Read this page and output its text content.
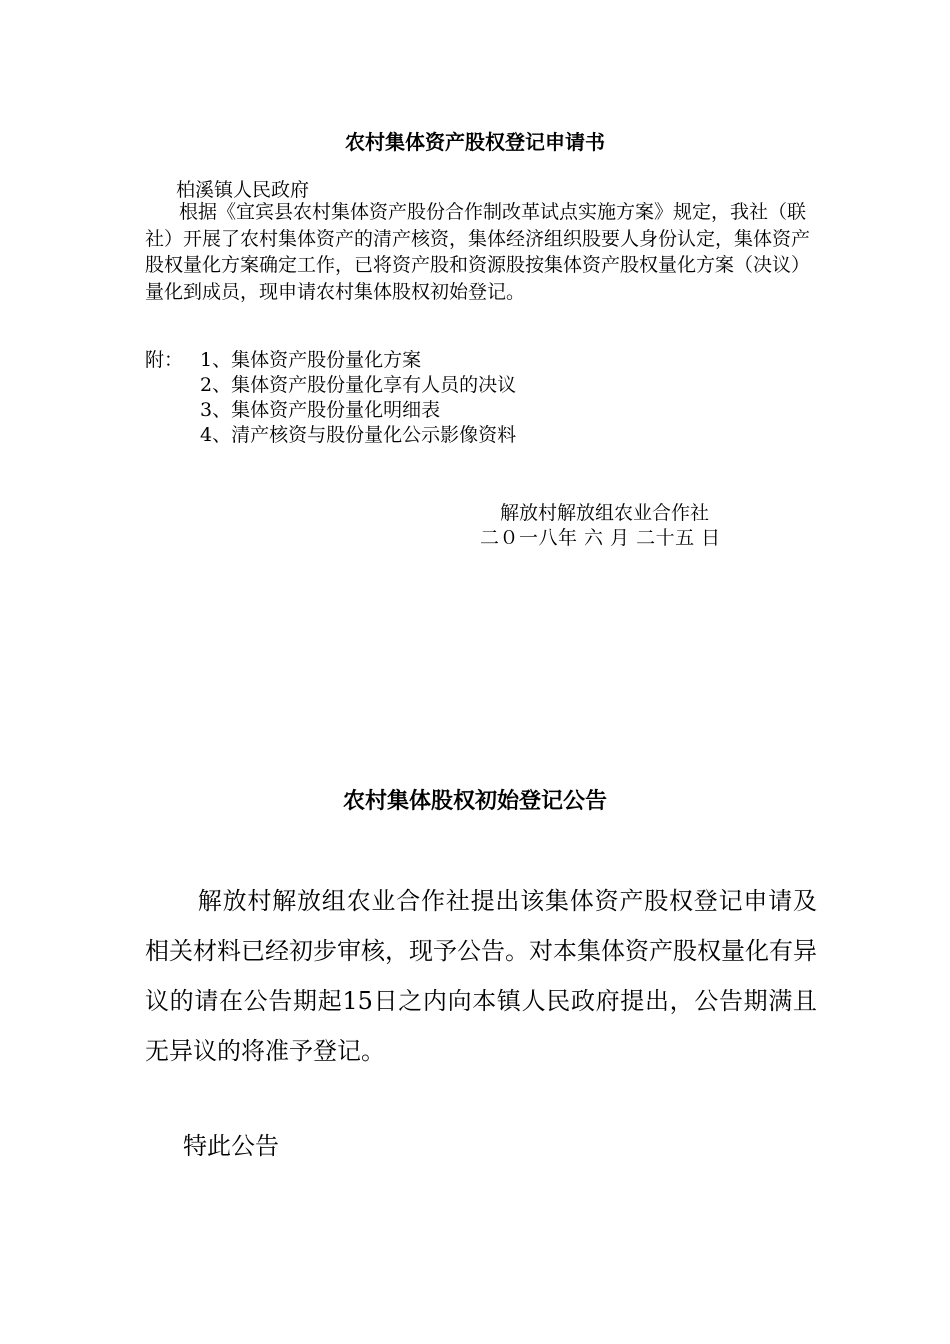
农村集体资产股权登记申请书
柏溪镇人民政府
根据《宜宾县农村集体资产股份合作制改革试点实施方案》规定，我社（联社）开展了农村集体资产的清产核资，集体经济组织股要人身份认定，集体资产股权量化方案确定工作，已将资产股和资源股按集体资产股权量化方案（决议）量化到成员，现申请农村集体股权初始登记。
附： 1、集体资产股份量化方案
2、集体资产股份量化享有人员的决议
3、集体资产股份量化明细表
4、清产核资与股份量化公示影像资料
解放村解放组农业合作社
二０一八年 六 月 二十五 日
农村集体股权初始登记公告
解放村解放组农业合作社提出该集体资产股权登记申请及相关材料已经初步审核，现予公告。对本集体资产股权量化有异议的请在公告期起15日之内向本镇人民政府提出，公告期满且无异议的将准予登记。
特此公告
